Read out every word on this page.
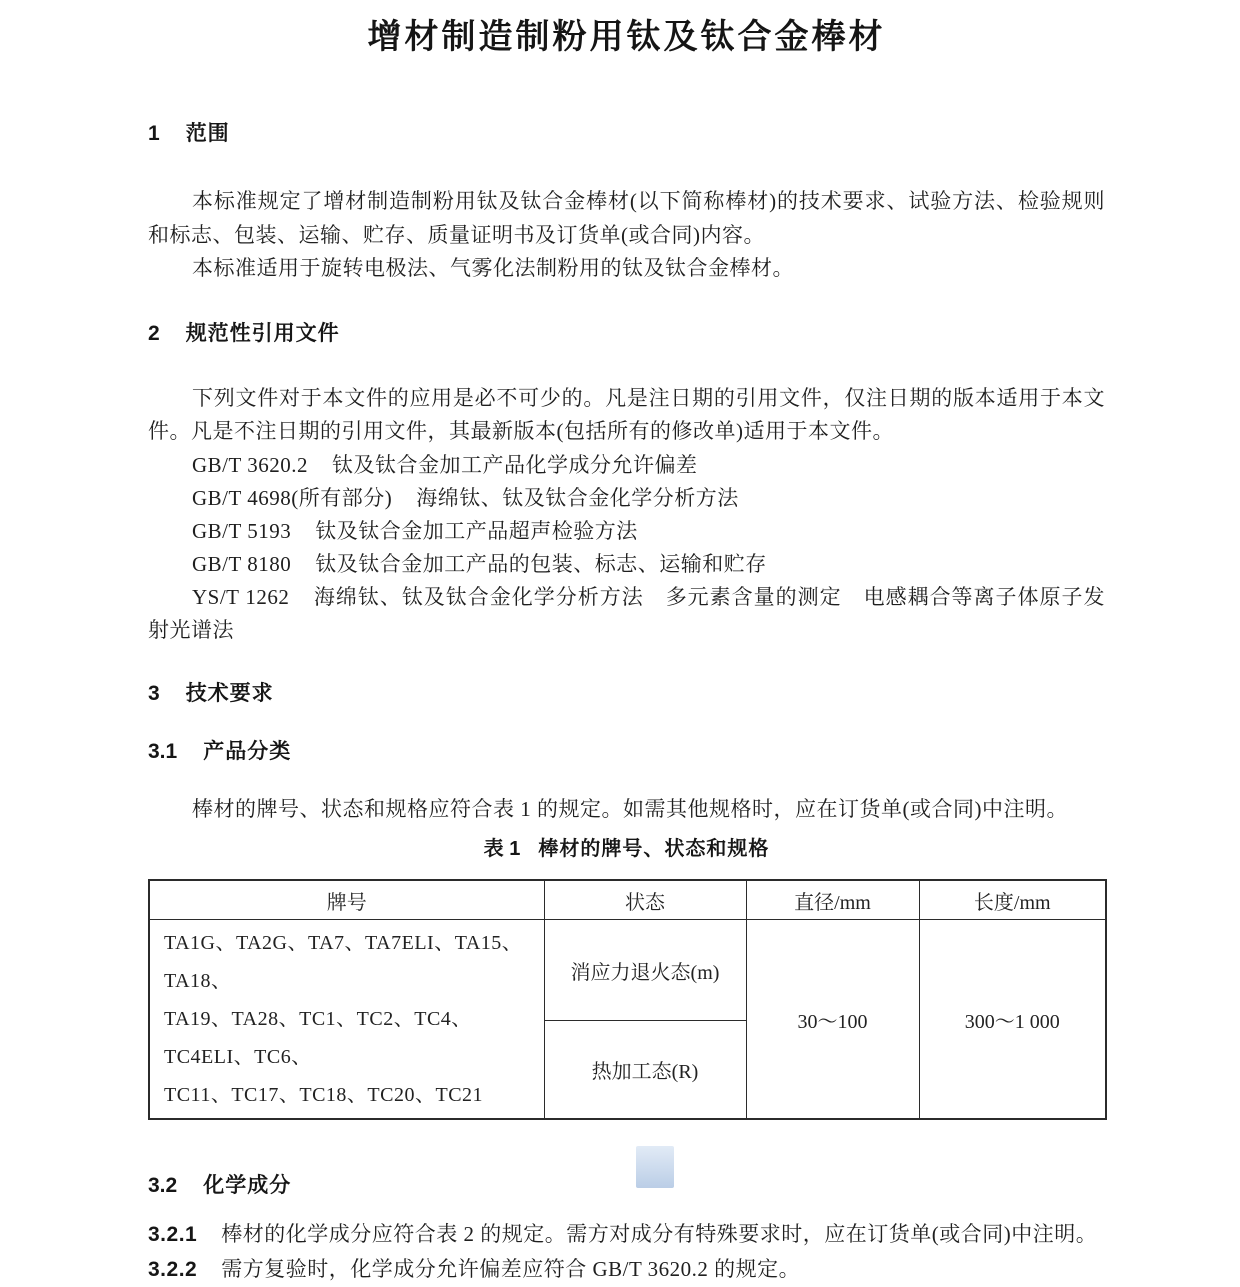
增材制造制粉用钛及钛合金棒材
1 范围

本标准规定了增材制造制粉用钛及钛合金棒材(以下简称棒材)的技术要求、试验方法、检验规则和标志、包装、运输、贮存、质量证明书及订货单(或合同)内容。

本标准适用于旋转电极法、气雾化法制粉用的钛及钛合金棒材。

2 规范性引用文件

下列文件对于本文件的应用是必不可少的。凡是注日期的引用文件，仅注日期的版本适用于本文件。凡是不注日期的引用文件，其最新版本(包括所有的修改单)适用于本文件。

GB/T 3620.2 钛及钛合金加工产品化学成分允许偏差

GB/T 4698(所有部分) 海绵钛、钛及钛合金化学分析方法

GB/T 5193 钛及钛合金加工产品超声检验方法

GB/T 8180 钛及钛合金加工产品的包装、标志、运输和贮存

YS/T 1262 海绵钛、钛及钛合金化学分析方法　多元素含量的测定　电感耦合等离子体原子发射光谱法

3 技术要求
3.1 产品分类

棒材的牌号、状态和规格应符合表 1 的规定。如需其他规格时，应在订货单(或合同)中注明。

表 1 棒材的牌号、状态和规格

牌号	状态	直径/mm	长度/mm

TA1G、TA2G、TA7、TA7ELI、TA15、TA18、
TA19、TA28、TC1、TC2、TC4、TC4ELI、TC6、
TC11、TC17、TC18、TC20、TC21	消应力退火态(m)	30～100	300～1 000
	热加工态(R)		
3.2 化学成分

3.2.1 棒材的化学成分应符合表 2 的规定。需方对成分有特殊要求时，应在订货单(或合同)中注明。

3.2.2 需方复验时，化学成分允许偏差应符合 GB/T 3620.2 的规定。
